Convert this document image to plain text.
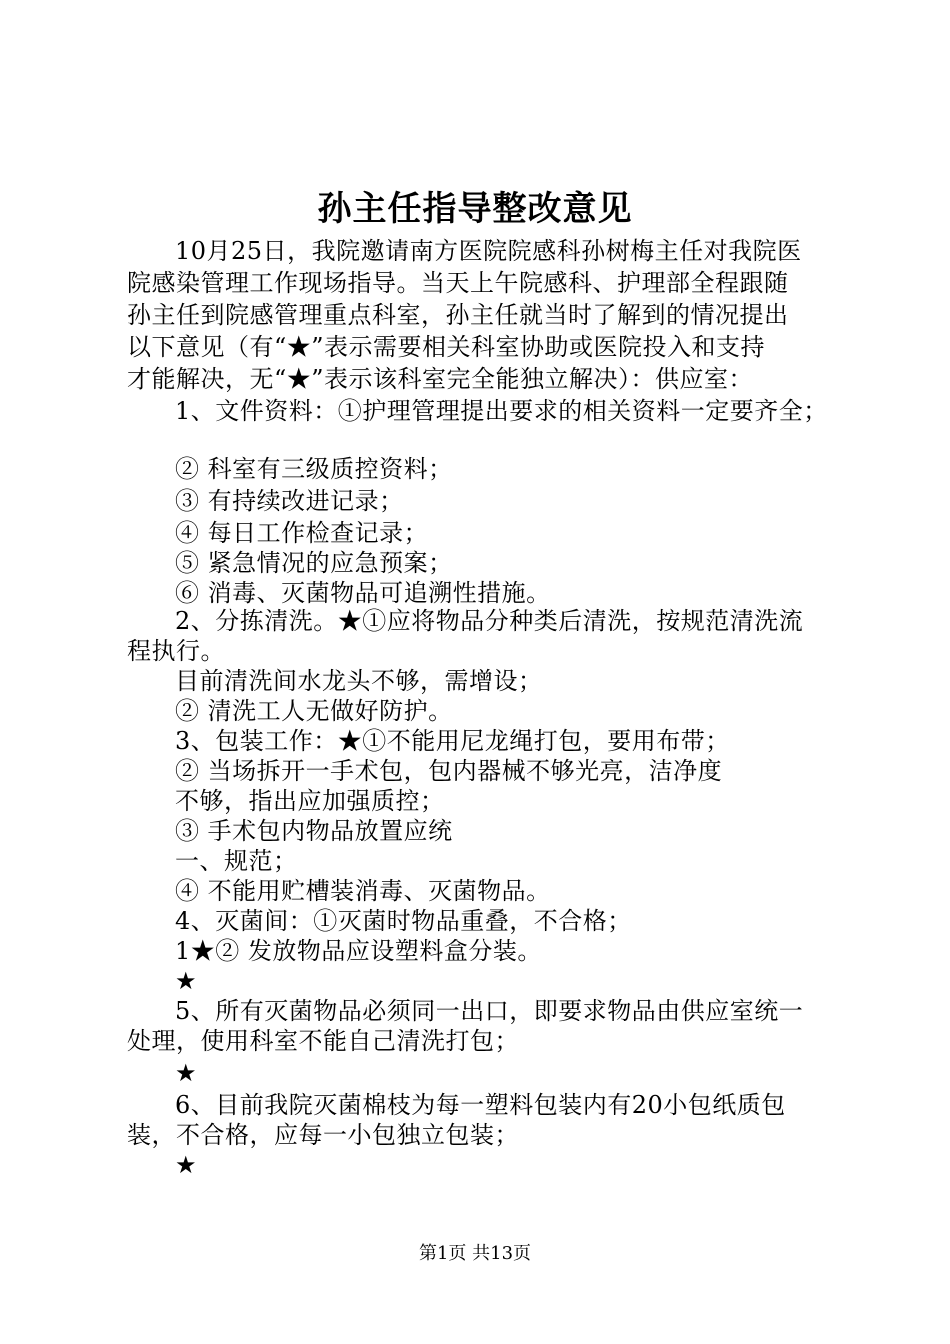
孙主任指导整改意见
10月25日，我院邀请南方医院院感科孙树梅主任对我院医
院感染管理工作现场指导。当天上午院感科、护理部全程跟随
孙主任到院感管理重点科室，孙主任就当时了解到的情况提出
以下意见（有“★”表示需要相关科室协助或医院投入和支持
才能解决，无“★”表示该科室完全能独立解决）：供应室：
1、文件资料：①护理管理提出要求的相关资料一定要齐全；
② 科室有三级质控资料；
③ 有持续改进记录；
④ 每日工作检查记录；
⑤ 紧急情况的应急预案；
⑥ 消毒、灭菌物品可追溯性措施。
2、分拣清洗。★①应将物品分种类后清洗，按规范清洗流
程执行。
目前清洗间水龙头不够，需增设；
② 清洗工人无做好防护。
3、包装工作：★①不能用尼龙绳打包，要用布带；
② 当场拆开一手术包，包内器械不够光亮，洁净度
不够，指出应加强质控；
③ 手术包内物品放置应统
一、规范；
④ 不能用贮槽装消毒、灭菌物品。
4、灭菌间：①灭菌时物品重叠，不合格；
1★② 发放物品应设塑料盒分装。
★
5、所有灭菌物品必须同一出口，即要求物品由供应室统一
处理，使用科室不能自己清洗打包；
★
6、目前我院灭菌棉枝为每一塑料包装内有20小包纸质包
装，不合格，应每一小包独立包装；
★
第1页 共13页
